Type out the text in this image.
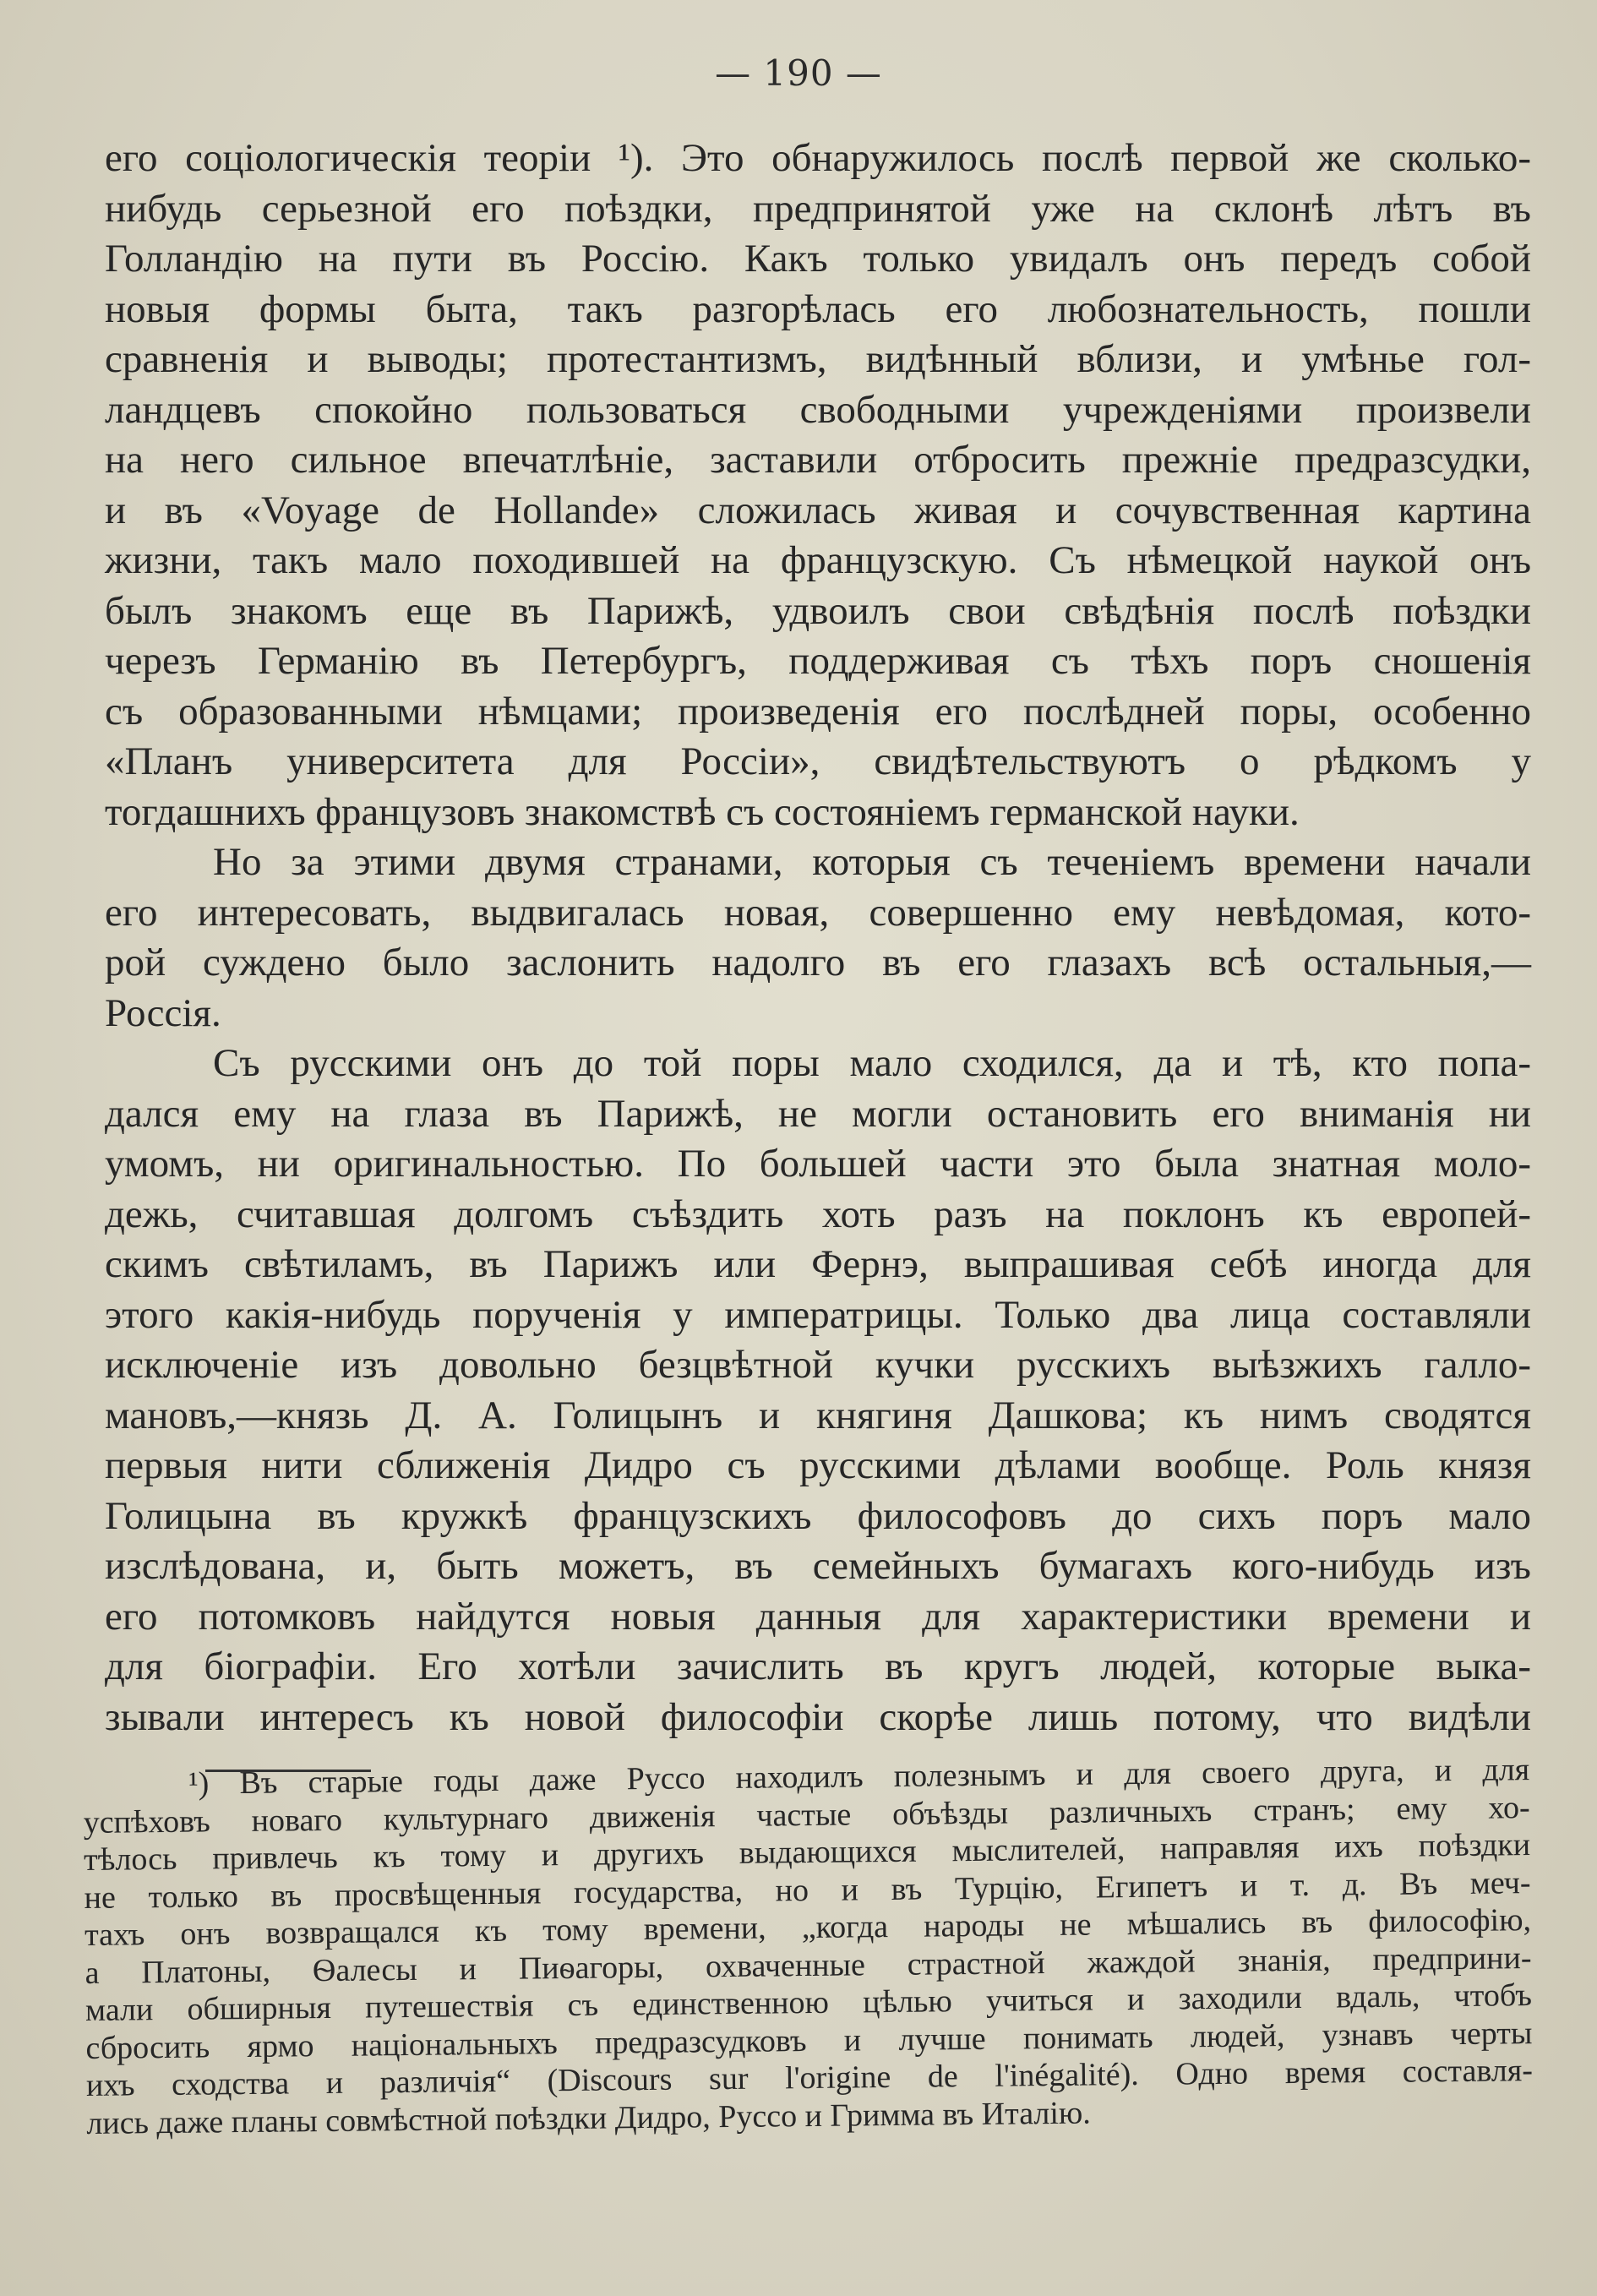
— 190 —
его соціологическія теоріи ¹). Это обнаружилось послѣ первой же сколько-
нибудь серьезной его поѣздки, предпринятой уже на склонѣ лѣтъ въ
Голландію на пути въ Россію. Какъ только увидалъ онъ передъ собой
новыя формы быта, такъ разгорѣлась его любознательность, пошли
сравненія и выводы; протестантизмъ, видѣнный вблизи, и умѣнье гол-
ландцевъ спокойно пользоваться свободными учрежденіями произвели
на него сильное впечатлѣніе, заставили отбросить прежніе предразсудки,
и въ «Voyage de Hollande» сложилась живая и сочувственная картина
жизни, такъ мало походившей на французскую. Съ нѣмецкой наукой онъ
былъ знакомъ еще въ Парижѣ, удвоилъ свои свѣдѣнія послѣ поѣздки
черезъ Германію въ Петербургъ, поддерживая съ тѣхъ поръ сношенія
съ образованными нѣмцами; произведенія его послѣдней поры, особенно
«Планъ университета для Россіи», свидѣтельствуютъ о рѣдкомъ у
тогдашнихъ французовъ знакомствѣ съ состояніемъ германской науки.
Но за этими двумя странами, которыя съ теченіемъ времени начали
его интересовать, выдвигалась новая, совершенно ему невѣдомая, кото-
рой суждено было заслонить надолго въ его глазахъ всѣ остальныя,—
Россія.
Съ русскими онъ до той поры мало сходился, да и тѣ, кто попа-
дался ему на глаза въ Парижѣ, не могли остановить его вниманія ни
умомъ, ни оригинальностью. По большей части это была знатная моло-
дежь, считавшая долгомъ съѣздить хоть разъ на поклонъ къ европей-
скимъ свѣтиламъ, въ Парижъ или Фернэ, выпрашивая себѣ иногда для
этого какія-нибудь порученія у императрицы. Только два лица составляли
исключеніе изъ довольно безцвѣтной кучки русскихъ выѣзжихъ галло-
мановъ,—князь Д. А. Голицынъ и княгиня Дашкова; къ нимъ сводятся
первыя нити сближенія Дидро съ русскими дѣлами вообще. Роль князя
Голицына въ кружкѣ французскихъ философовъ до сихъ поръ мало
изслѣдована, и, быть можетъ, въ семейныхъ бумагахъ кого-нибудь изъ
его потомковъ найдутся новыя данныя для характеристики времени и
для біографіи. Его хотѣли зачислить въ кругъ людей, которые выка-
зывали интересъ къ новой философіи скорѣе лишь потому, что видѣли
¹) Въ старые годы даже Руссо находилъ полезнымъ и для своего друга, и для
успѣховъ новаго культурнаго движенія частые объѣзды различныхъ странъ; ему хо-
тѣлось привлечь къ тому и другихъ выдающихся мыслителей, направляя ихъ поѣздки
не только въ просвѣщенныя государства, но и въ Турцію, Египетъ и т. д. Въ меч-
тахъ онъ возвращался къ тому времени, „когда народы не мѣшались въ философію,
а Платоны, Ѳалесы и Пиѳагоры, охваченные страстной жаждой знанія, предприни-
мали обширныя путешествія съ единственною цѣлью учиться и заходили вдаль, чтобъ
сбросить ярмо національныхъ предразсудковъ и лучше понимать людей, узнавъ черты
ихъ сходства и различія“ (Discours sur l'origine de l'inégalité). Одно время составля-
лись даже планы совмѣстной поѣздки Дидро, Руссо и Гримма въ Италію.
